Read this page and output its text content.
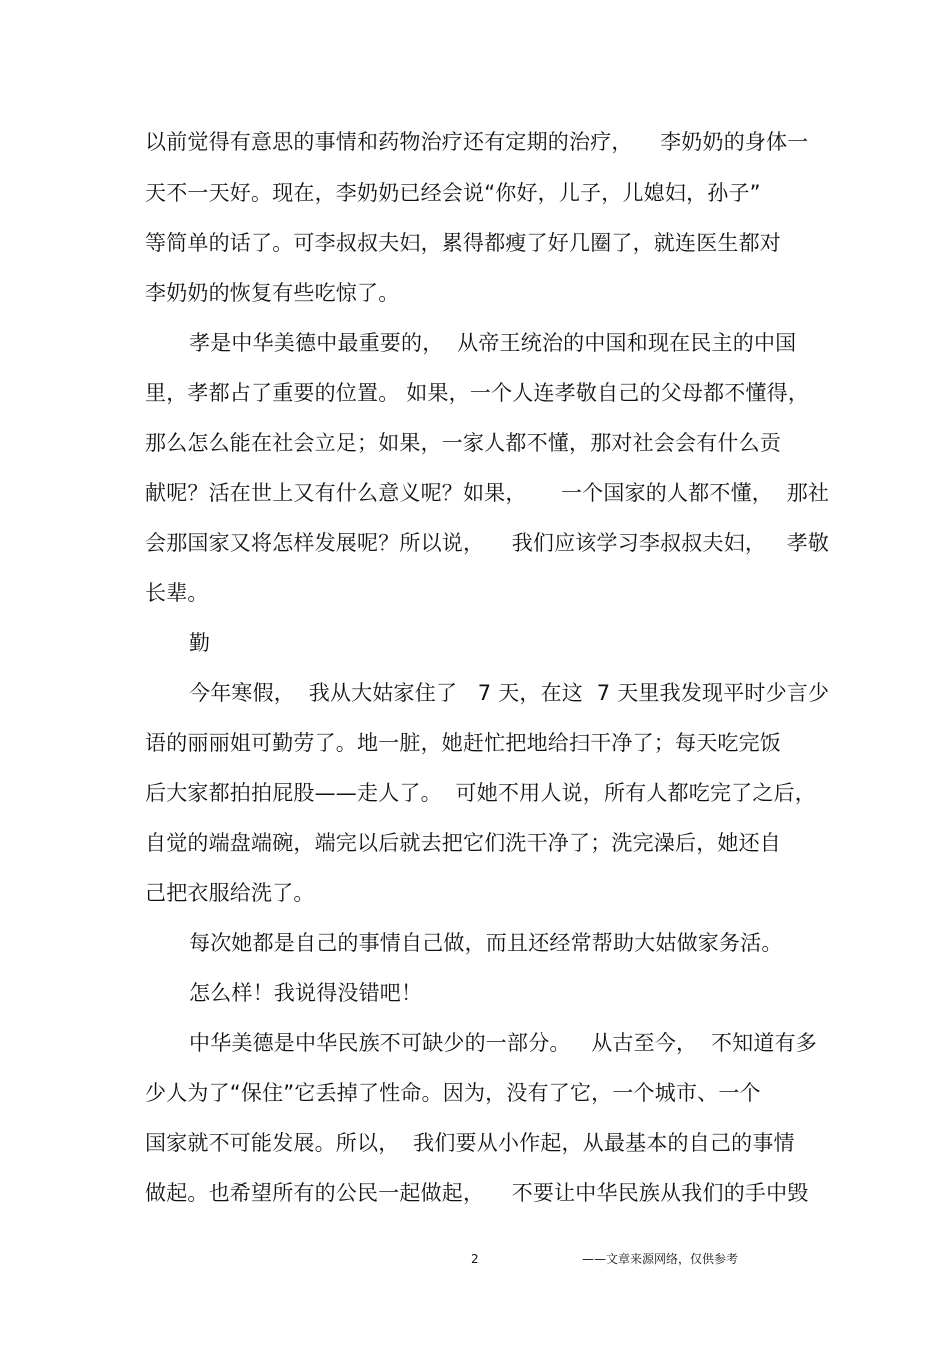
以前觉得有意思的事情和药物治疗还有定期的治疗，    李奶奶的身体一
天不一天好。现在，李奶奶已经会说“你好，儿子，儿媳妇，孙子”
等简单的话了。可李叔叔夫妇，累得都瘦了好几圈了，就连医生都对
李奶奶的恢复有些吃惊了。
孝是中华美德中最重要的，  从帝王统治的中国和现在民主的中国
里，孝都占了重要的位置。 如果，一个人连孝敬自己的父母都不懂得，
那么怎么能在社会立足；如果，一家人都不懂，那对社会会有什么贡
献呢？活在世上又有什么意义呢？如果，     一个国家的人都不懂，  那社
会那国家又将怎样发展呢？所以说，    我们应该学习李叔叔夫妇，   孝敬
长辈。
勤
今年寒假，  我从大姑家住了   7 天，在这  7 天里我发现平时少言少
语的丽丽姐可勤劳了。地一脏，她赶忙把地给扫干净了；每天吃完饭
后大家都拍拍屁股——走人了。  可她不用人说，所有人都吃完了之后，
自觉的端盘端碗，端完以后就去把它们洗干净了；洗完澡后，她还自
己把衣服给洗了。
每次她都是自己的事情自己做，而且还经常帮助大姑做家务活。
怎么样！我说得没错吧！
中华美德是中华民族不可缺少的一部分。   从古至今，  不知道有多
少人为了“保住”它丢掉了性命。因为，没有了它，一个城市、一个
国家就不可能发展。所以，  我们要从小作起，从最基本的自己的事情
做起。也希望所有的公民一起做起，    不要让中华民族从我们的手中毁
2	——文章来源网络，仅供参考
